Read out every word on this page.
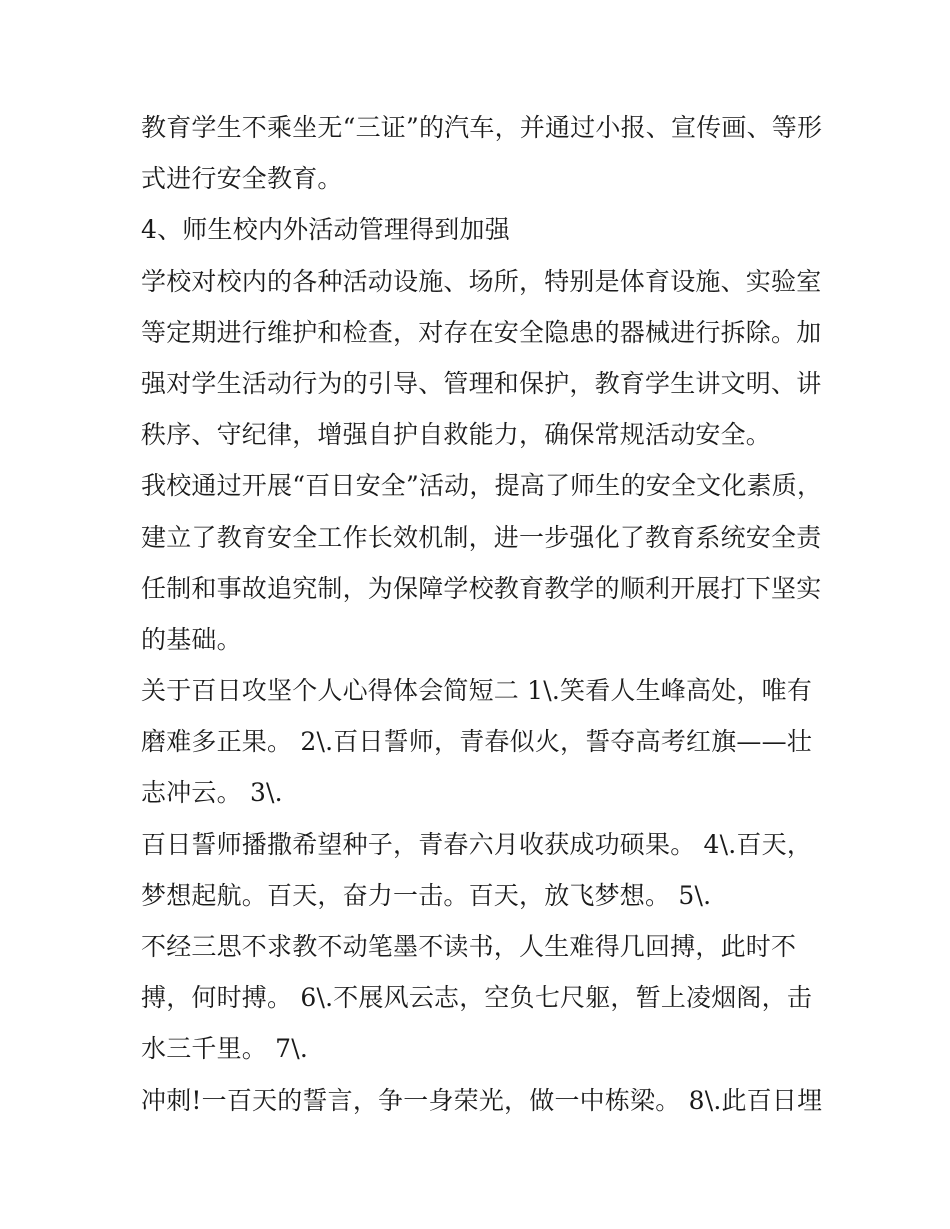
教育学生不乘坐无“三证”的汽车，并通过小报、宣传画、等形
式进行安全教育。
4、师生校内外活动管理得到加强
学校对校内的各种活动设施、场所，特别是体育设施、实验室
等定期进行维护和检查，对存在安全隐患的器械进行拆除。加
强对学生活动行为的引导、管理和保护，教育学生讲文明、讲
秩序、守纪律，增强自护自救能力，确保常规活动安全。
我校通过开展“百日安全”活动，提高了师生的安全文化素质，
建立了教育安全工作长效机制，进一步强化了教育系统安全责
任制和事故追究制，为保障学校教育教学的顺利开展打下坚实
的基础。
关于百日攻坚个人心得体会简短二 1\.笑看人生峰高处，唯有
磨难多正果。 2\.百日誓师，青春似火，誓夺高考红旗——壮
志冲云。 3\.
百日誓师播撒希望种子，青春六月收获成功硕果。 4\.百天，
梦想起航。百天，奋力一击。百天，放飞梦想。 5\.
不经三思不求教不动笔墨不读书，人生难得几回搏，此时不
搏，何时搏。 6\.不展风云志，空负七尺躯，暂上凌烟阁，击
水三千里。 7\.
冲刺!一百天的誓言，争一身荣光，做一中栋梁。 8\.此百日埋
